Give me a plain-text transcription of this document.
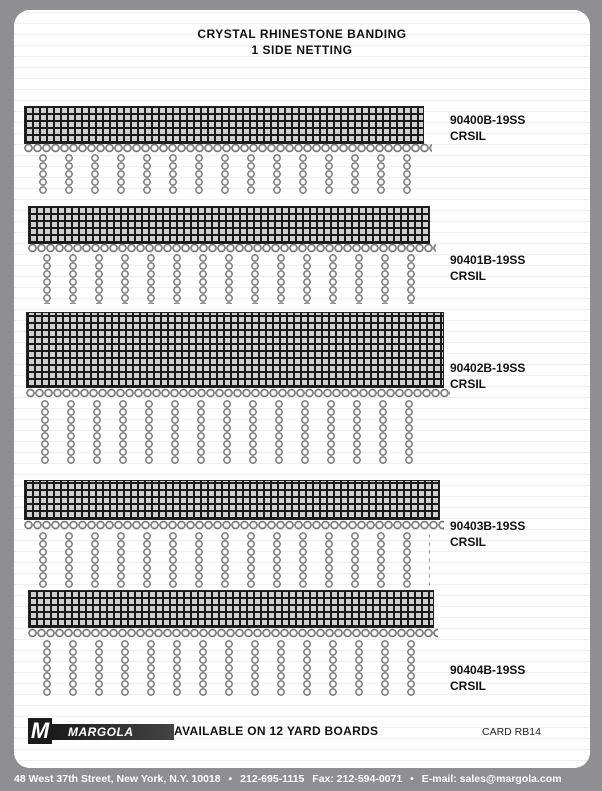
CRYSTAL RHINESTONE BANDING
1 SIDE NETTING
90400B-19SS
CRSIL
90401B-19SS
CRSIL
90402B-19SS
CRSIL
90403B-19SS
CRSIL
90404B-19SS
CRSIL
M MARGOLA	AVAILABLE ON 12 YARD BOARDS	CARD RB14
48 West 37th Street, New York, N.Y. 10018 • 212-695-1115 Fax: 212-594-0071 • E-mail: sales@margola.com
